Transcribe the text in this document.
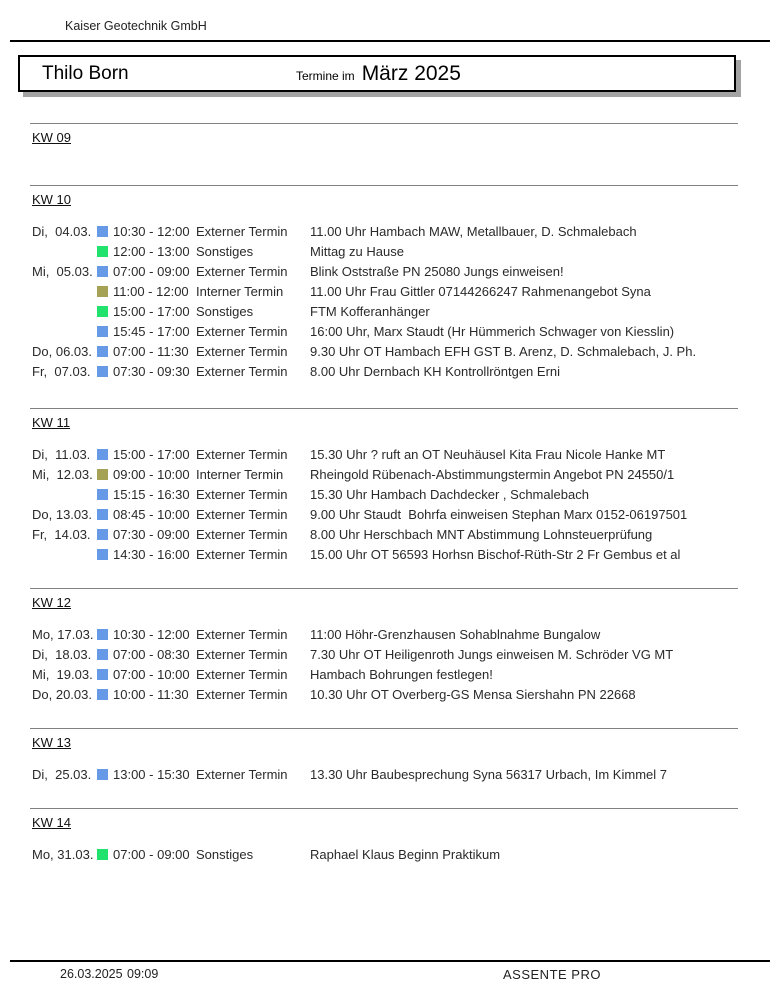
Kaiser Geotechnik GmbH
Thilo Born	Termine im März 2025
KW 09
KW 10
Di,  04.03. 10:30 - 12:00 Externer Termin 11.00 Uhr Hambach MAW, Metallbauer, D. Schmalebach
12:00 - 13:00 Sonstiges	Mittag zu Hause
Mi,  05.03. 07:00 - 09:00 Externer Termin Blink Oststraße PN 25080 Jungs einweisen!
11:00 - 12:00 Interner Termin 11.00 Uhr Frau Gittler 07144266247 Rahmenangebot Syna
15:00 - 17:00 Sonstiges	FTM Kofferanhänger
15:45 - 17:00 Externer Termin 16:00 Uhr, Marx Staudt (Hr Hümmerich Schwager von Kiesslin)
Do, 06.03. 07:00 - 11:30 Externer Termin 9.30 Uhr OT Hambach EFH GST B. Arenz, D. Schmalebach, J. Ph.
Fr,  07.03. 07:30 - 09:30 Externer Termin 8.00 Uhr Dernbach KH Kontrollröntgen Erni
KW 11
Di,  11.03. 15:00 - 17:00 Externer Termin 15.30 Uhr ? ruft an OT Neuhäusel Kita Frau Nicole Hanke MT
Mi,  12.03. 09:00 - 10:00 Interner Termin Rheingold Rübenach-Abstimmungstermin Angebot PN 24550/1
15:15 - 16:30 Externer Termin 15.30 Uhr Hambach Dachdecker , Schmalebach
Do, 13.03. 08:45 - 10:00 Externer Termin 9.00 Uhr Staudt  Bohrfa einweisen Stephan Marx 0152-06197501
Fr,  14.03. 07:30 - 09:00 Externer Termin 8.00 Uhr Herschbach MNT Abstimmung Lohnsteuerprüfung
14:30 - 16:00 Externer Termin 15.00 Uhr OT 56593 Horhsn Bischof-Rüth-Str 2 Fr Gembus et al
KW 12
Mo, 17.03. 10:30 - 12:00 Externer Termin 11:00 Höhr-Grenzhausen Sohablnahme Bungalow
Di,  18.03. 07:00 - 08:30 Externer Termin 7.30 Uhr OT Heiligenroth Jungs einweisen M. Schröder VG MT
Mi,  19.03. 07:00 - 10:00 Externer Termin Hambach Bohrungen festlegen!
Do, 20.03. 10:00 - 11:30 Externer Termin 10.30 Uhr OT Overberg-GS Mensa Siershahn PN 22668
KW 13
Di,  25.03. 13:00 - 15:30 Externer Termin 13.30 Uhr Baubesprechung Syna 56317 Urbach, Im Kimmel 7
KW 14
Mo, 31.03. 07:00 - 09:00 Sonstiges	Raphael Klaus Beginn Praktikum
26.03.2025 09:09	ASSENTE PRO
